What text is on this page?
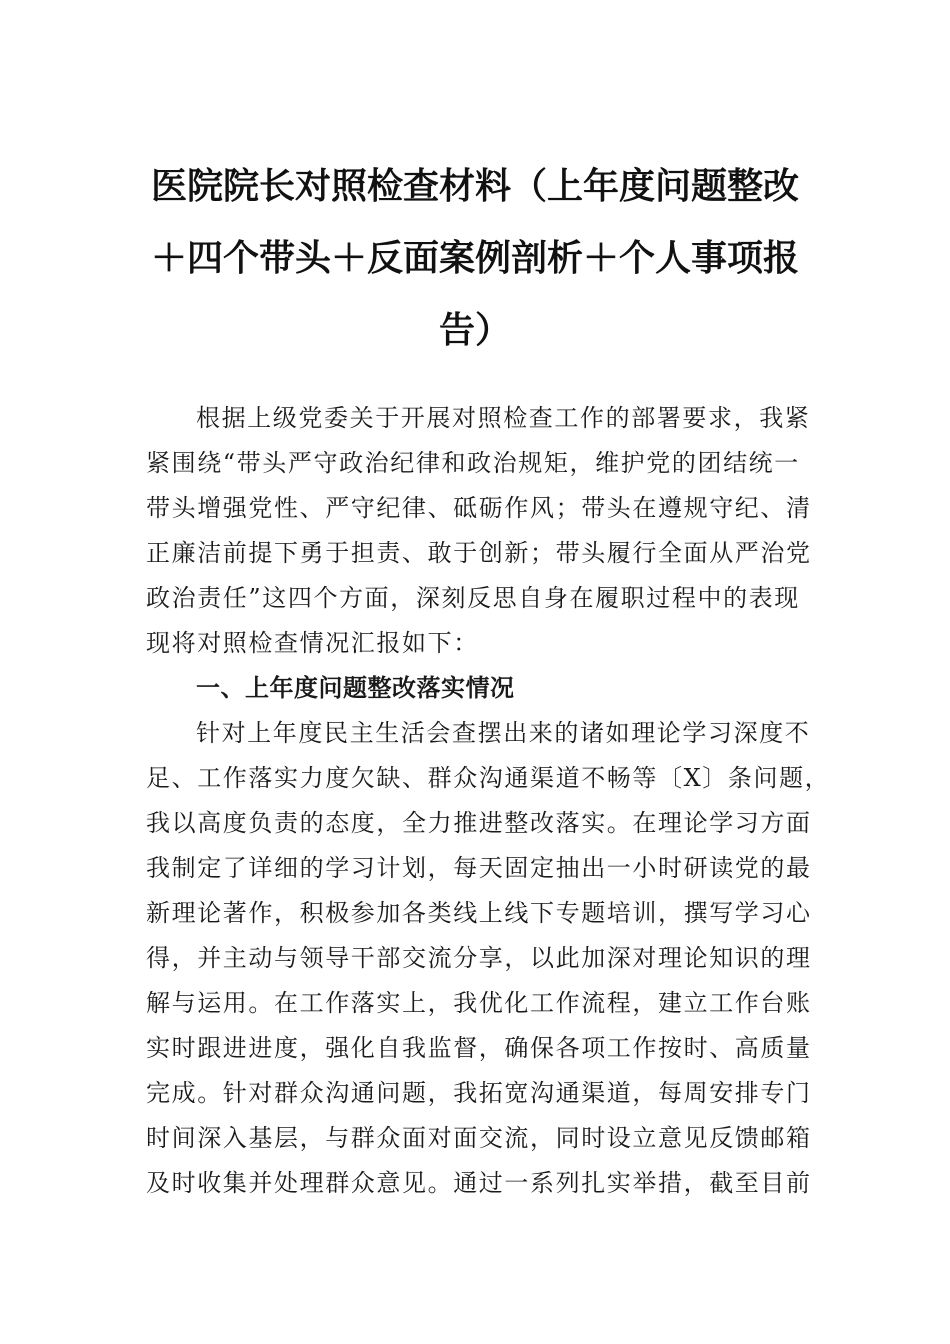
医院院长对照检查材料（上年度问题整改
＋四个带头＋反面案例剖析＋个人事项报
告）
根据上级党委关于开展对照检查工作的部署要求，我紧
紧围绕“带头严守政治纪律和政治规矩，维护党的团结统一
带头增强党性、严守纪律、砥砺作风；带头在遵规守纪、清
正廉洁前提下勇于担责、敢于创新；带头履行全面从严治党
政治责任”这四个方面，深刻反思自身在履职过程中的表现
现将对照检查情况汇报如下：
一、上年度问题整改落实情况
针对上年度民主生活会查摆出来的诸如理论学习深度不
足、工作落实力度欠缺、群众沟通渠道不畅等〔X〕条问题，
我以高度负责的态度，全力推进整改落实。在理论学习方面
我制定了详细的学习计划，每天固定抽出一小时研读党的最
新理论著作，积极参加各类线上线下专题培训，撰写学习心
得，并主动与领导干部交流分享，以此加深对理论知识的理
解与运用。在工作落实上，我优化工作流程，建立工作台账
实时跟进进度，强化自我监督，确保各项工作按时、高质量
完成。针对群众沟通问题，我拓宽沟通渠道，每周安排专门
时间深入基层，与群众面对面交流，同时设立意见反馈邮箱
及时收集并处理群众意见。通过一系列扎实举措，截至目前
